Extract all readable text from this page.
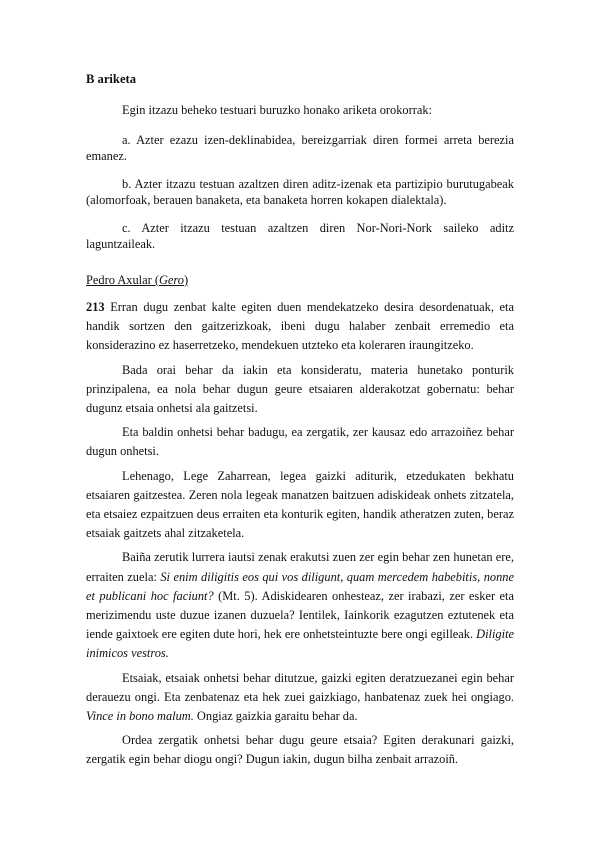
B ariketa

Egin itzazu beheko testuari buruzko honako ariketa orokorrak:

a. Azter ezazu izen-deklinabidea, bereizgarriak diren formei arreta berezia emanez.

b. Azter itzazu testuan azaltzen diren aditz-izenak eta partizipio burutugabeak (alomorfoak, berauen banaketa, eta banaketa horren kokapen dialektala).

c. Azter itzazu testuan azaltzen diren Nor-Nori-Nork saileko aditz laguntzaileak.

Pedro Axular (Gero)

213 Erran dugu zenbat kalte egiten duen mendekatzeko desira desordenatuak, eta handik sortzen den gaitzerizkoak, ibeni dugu halaber zenbait erremedio eta konsiderazino ez haserretzeko, mendekuen utzteko eta koleraren iraungitzeko.

Bada orai behar da iakin eta konsideratu, materia hunetako ponturik prinzipalena, ea nola behar dugun geure etsaiaren alderakotzat gobernatu: behar dugunz etsaia onhetsi ala gaitzetsi.

Eta baldin onhetsi behar badugu, ea zergatik, zer kausaz edo arrazoiñez behar dugun onhetsi.

Lehenago, Lege Zaharrean, legea gaizki aditurik, etzedukaten bekhatu etsaiaren gaitzestea. Zeren nola legeak manatzen baitzuen adiskideak onhets zitzatela, eta etsaiez ezpaitzuen deus erraiten eta konturik egiten, handik atheratzen zuten, beraz etsaiak gaitzets ahal zitzaketela.

Baiña zerutik lurrera iautsi zenak erakutsi zuen zer egin behar zen hunetan ere, erraiten zuela: Si enim diligitis eos qui vos diligunt, quam mercedem habebitis, nonne et publicani hoc faciunt? (Mt. 5). Adiskidearen onhesteaz, zer irabazi, zer esker eta merizimendu uste duzue izanen duzuela? Ientilek, Iainkorik ezagutzen eztutenek eta iende gaixtoek ere egiten dute hori, hek ere onhetsteintuzte bere ongi egilleak. Diligite inimicos vestros.

Etsaiak, etsaiak onhetsi behar ditutzue, gaizki egiten deratzuezanei egin behar derauezu ongi. Eta zenbatenaz eta hek zuei gaizkiago, hanbatenaz zuek hei ongiago. Vince in bono malum. Ongiaz gaizkia garaitu behar da.

Ordea zergatik onhetsi behar dugu geure etsaia? Egiten derakunari gaizki, zergatik egin behar diogu ongi? Dugun iakin, dugun bilha zenbait arrazoiñ.
